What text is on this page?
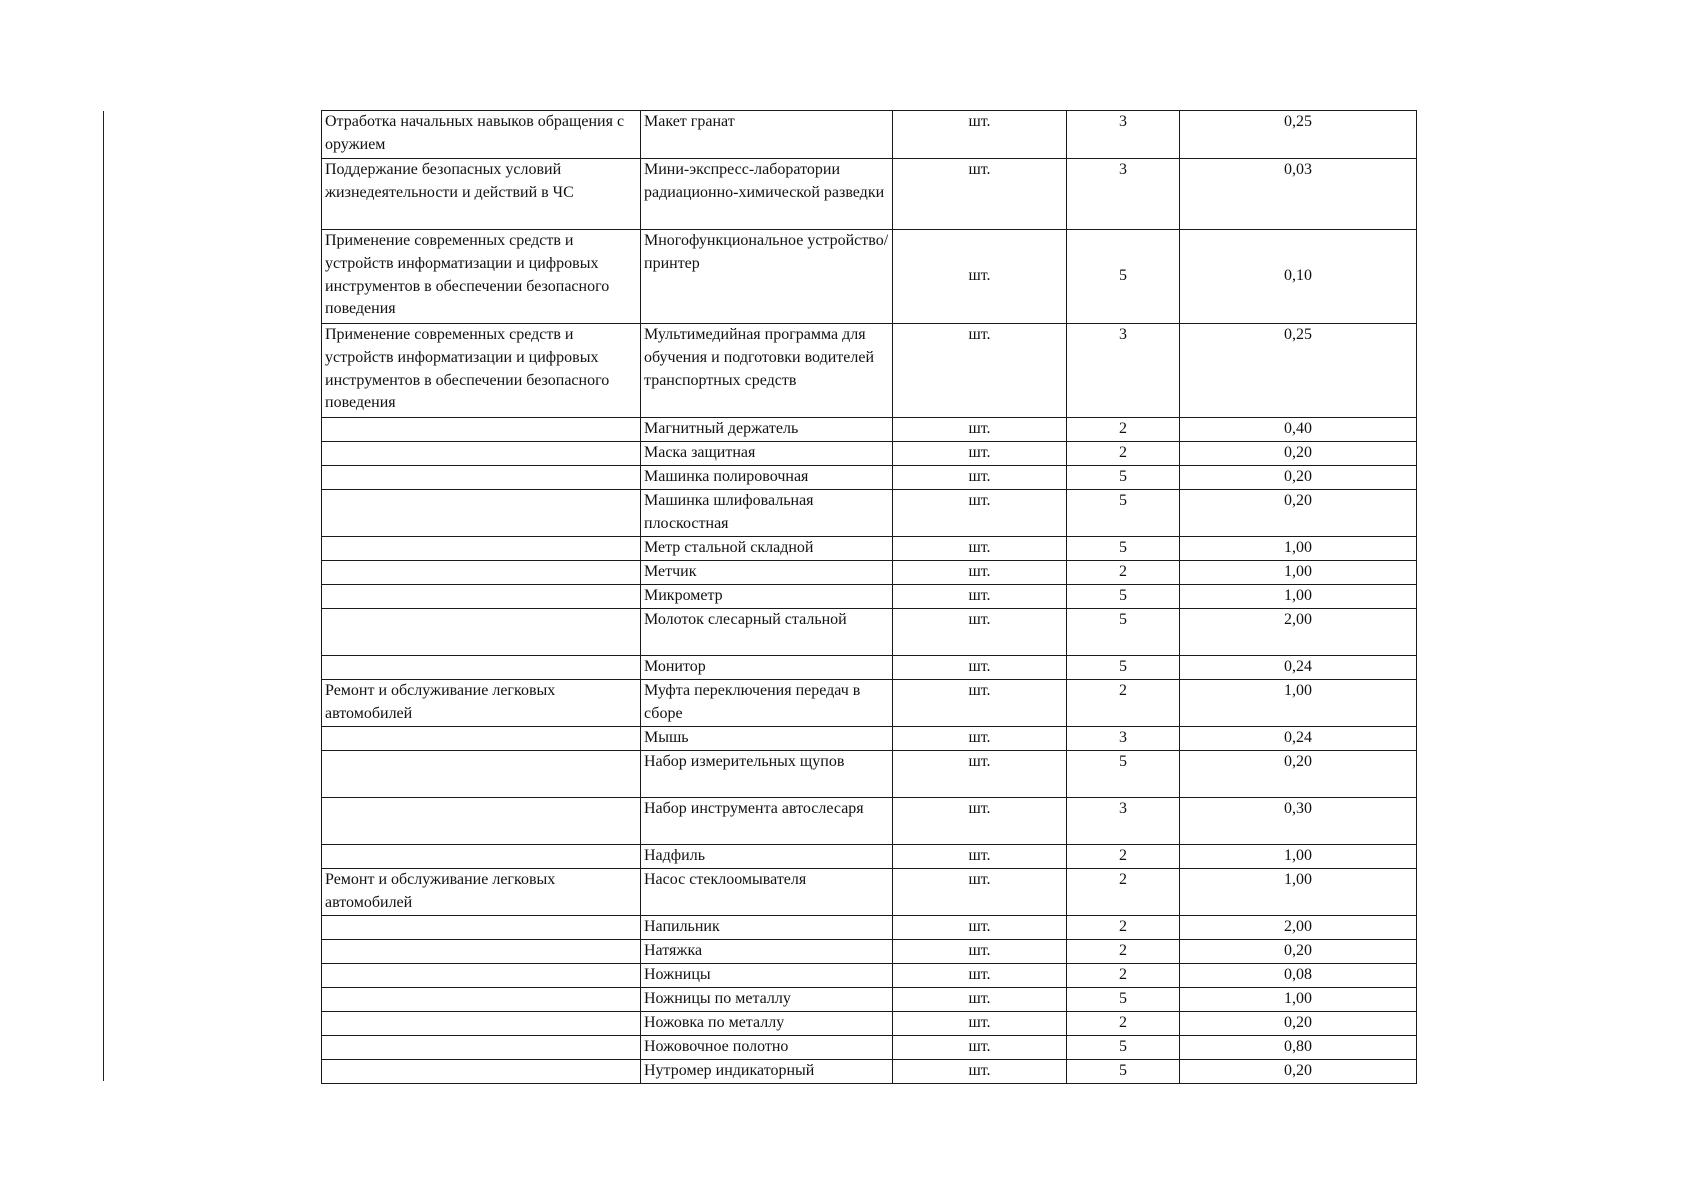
Отработка начальных навыков обращения с оружием	Макет гранат	шт.	3	0,25
Поддержание безопасных условий жизнедеятельности и действий в ЧС	Мини-экспресс-лаборатории радиационно-химической разведки	шт.	3	0,03
Применение современных средств и устройств информатизации и цифровых инструментов в обеспечении безопасного поведения	Многофункциональное устройство/принтер	шт.	5	0,10
Применение современных средств и устройств информатизации и цифровых инструментов в обеспечении безопасного поведения	Мультимедийная программа для обучения и подготовки водителей транспортных средств	шт.	3	0,25
	Магнитный держатель	шт.	2	0,40
	Маска защитная	шт.	2	0,20
	Машинка полировочная	шт.	5	0,20
	Машинка шлифовальная плоскостная	шт.	5	0,20
	Метр стальной складной	шт.	5	1,00
	Метчик	шт.	2	1,00
	Микрометр	шт.	5	1,00
	Молоток слесарный стальной	шт.	5	2,00
	Монитор	шт.	5	0,24
Ремонт и обслуживание легковых автомобилей	Муфта переключения передач в сборе	шт.	2	1,00
	Мышь	шт.	3	0,24
	Набор измерительных щупов	шт.	5	0,20
	Набор инструмента автослесаря	шт.	3	0,30
	Надфиль	шт.	2	1,00
Ремонт и обслуживание легковых автомобилей	Насос стеклоомывателя	шт.	2	1,00
	Напильник	шт.	2	2,00
	Натяжка	шт.	2	0,20
	Ножницы	шт.	2	0,08
	Ножницы по металлу	шт.	5	1,00
	Ножовка по металлу	шт.	2	0,20
	Ножовочное полотно	шт.	5	0,80
	Нутромер индикаторный	шт.	5	0,20
